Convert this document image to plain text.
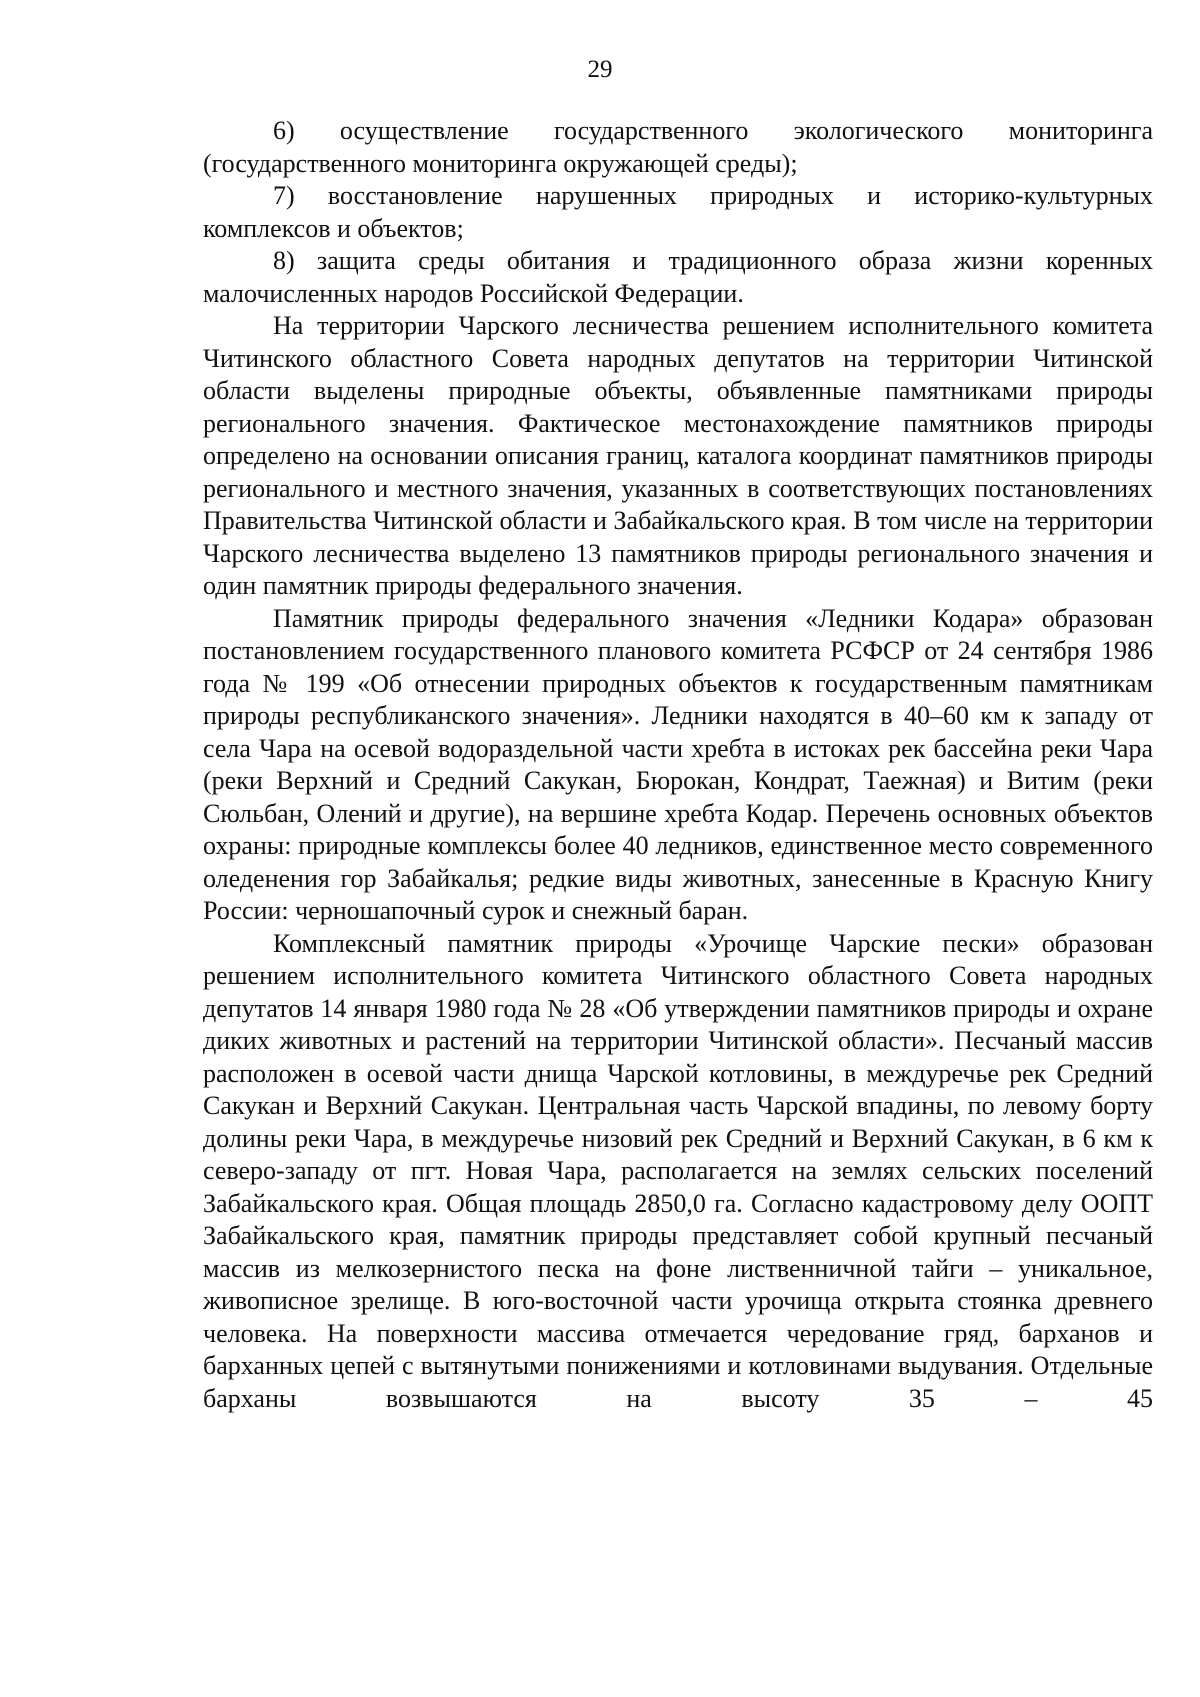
29

6) осуществление государственного экологического мониторинга (государственного мониторинга окружающей среды);

7) восстановление нарушенных природных и историко-культурных комплексов и объектов;

8) защита среды обитания и традиционного образа жизни коренных малочисленных народов Российской Федерации.

На территории Чарского лесничества решением исполнительного комитета Читинского областного Совета народных депутатов на территории Читинской области выделены природные объекты, объявленные памятниками природы регионального значения. Фактическое местонахождение памятников природы определено на основании описания границ, каталога координат памятников природы регионального и местного значения, указанных в соответствующих постановлениях Правительства Читинской области и Забайкальского края. В том числе на территории Чарского лесничества выделено 13 памятников природы регионального значения и один памятник природы федерального значения.

Памятник природы федерального значения «Ледники Кодара» образован постановлением государственного планового комитета РСФСР от 24 сентября 1986 года № 199 «Об отнесении природных объектов к государственным памятникам природы республиканского значения». Ледники находятся в 40–60 км к западу от села Чара на осевой водораздельной части хребта в истоках рек бассейна реки Чара (реки Верхний и Средний Сакукан, Бюрокан, Кондрат, Таежная) и Витим (реки Сюльбан, Олений и другие), на вершине хребта Кодар. Перечень основных объектов охраны: природные комплексы более 40 ледников, единственное место современного оледенения гор Забайкалья; редкие виды животных, занесенные в Красную Книгу России: черношапочный сурок и снежный баран.

Комплексный памятник природы «Урочище Чарские пески» образован решением исполнительного комитета Читинского областного Совета народных депутатов 14 января 1980 года № 28 «Об утверждении памятников природы и охране диких животных и растений на территории Читинской области». Песчаный массив расположен в осевой части днища Чарской котловины, в междуречье рек Средний Сакукан и Верхний Сакукан. Центральная часть Чарской впадины, по левому борту долины реки Чара, в междуречье низовий рек Средний и Верхний Сакукан, в 6 км к северо-западу от пгт. Новая Чара, располагается на землях сельских поселений Забайкальского края. Общая площадь 2850,0 га. Согласно кадастровому делу ООПТ Забайкальского края, памятник природы представляет собой крупный песчаный массив из мелкозернистого песка на фоне лиственничной тайги – уникальное, живописное зрелище. В юго-восточной части урочища открыта стоянка древнего человека. На поверхности массива отмечается чередование гряд, барханов и барханных цепей с вытянутыми понижениями и котловинами выдувания. Отдельные барханы возвышаются на высоту 35 – 45
